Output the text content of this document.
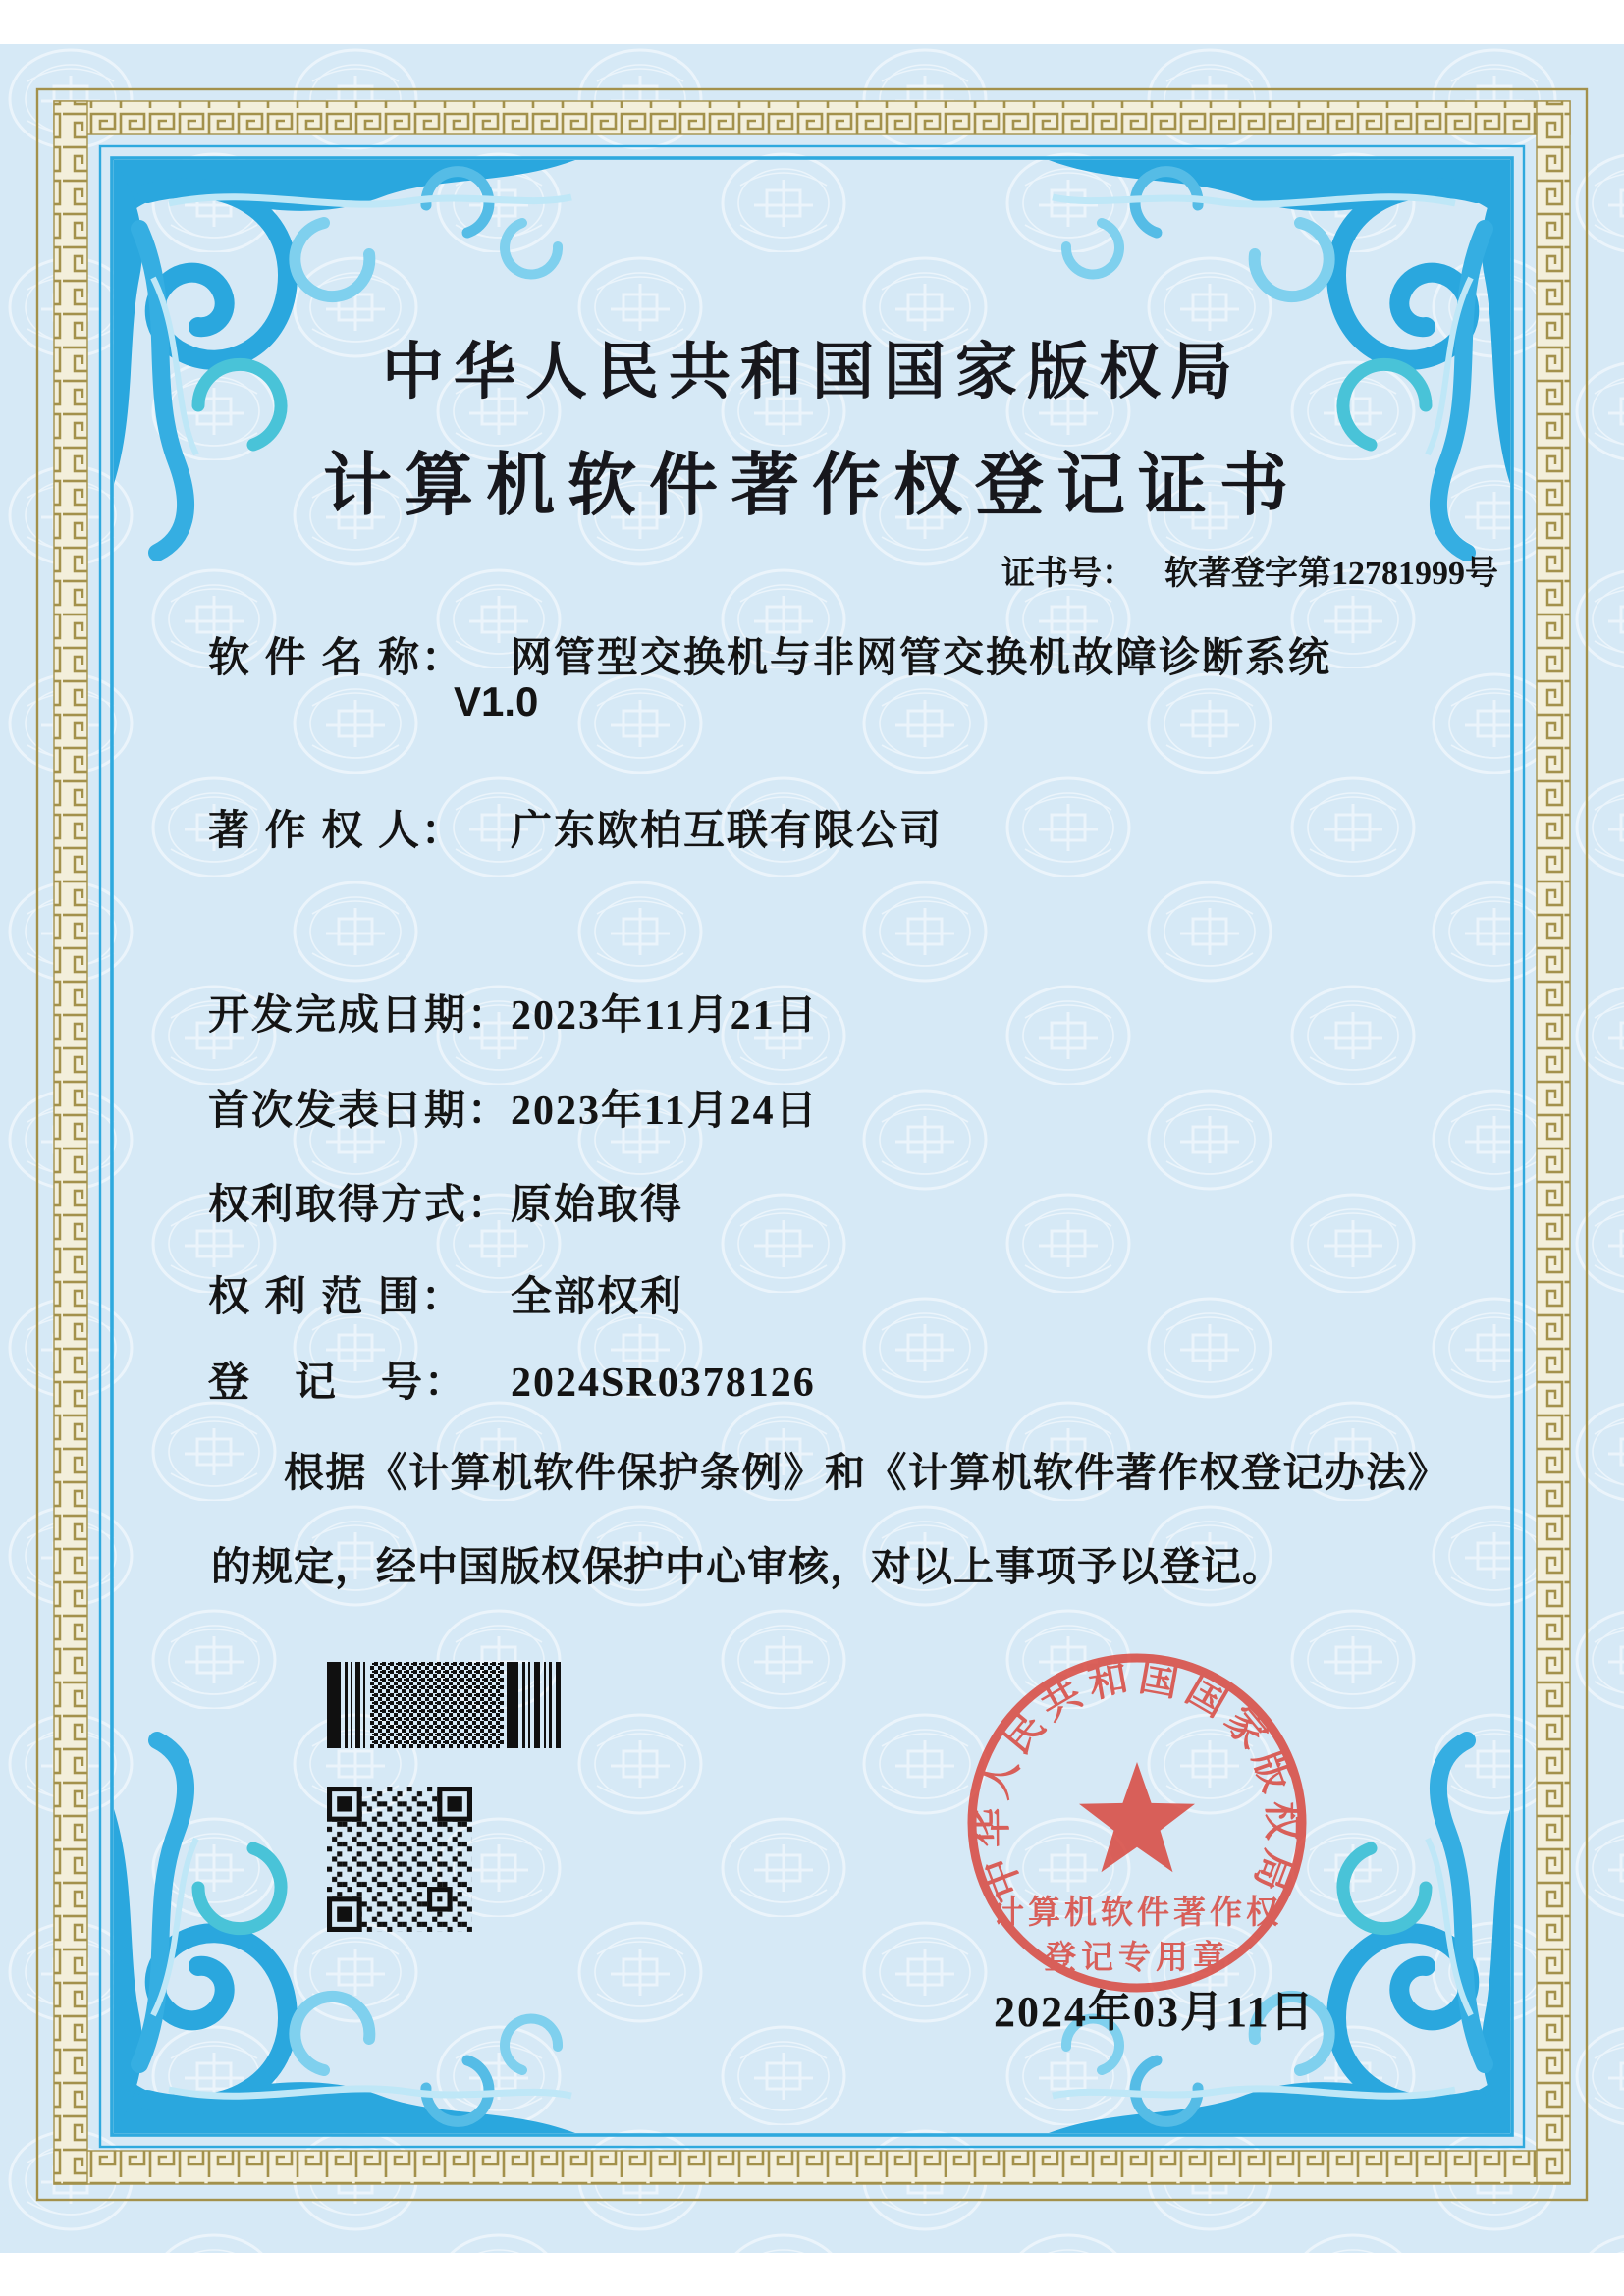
中华人民共和国国家版权局
计算机软件著作权登记证书
证书号： 软著登字第12781999号
软 件 名 称： 网管型交换机与非网管交换机故障诊断系统
V1.0
著 作 权 人： 广东欧柏互联有限公司
开发完成日期：2023年11月21日
首次发表日期：2023年11月24日
权利取得方式：原始取得
权 利 范 围： 全部权利
登　记　号： 2024SR0378126
根据《计算机软件保护条例》和《计算机软件著作权登记办法》的规定，经中国版权保护中心审核，对以上事项予以登记。
中华人民共和国国家版权局
计算机软件著作权
登记专用章
2024年03月11日
